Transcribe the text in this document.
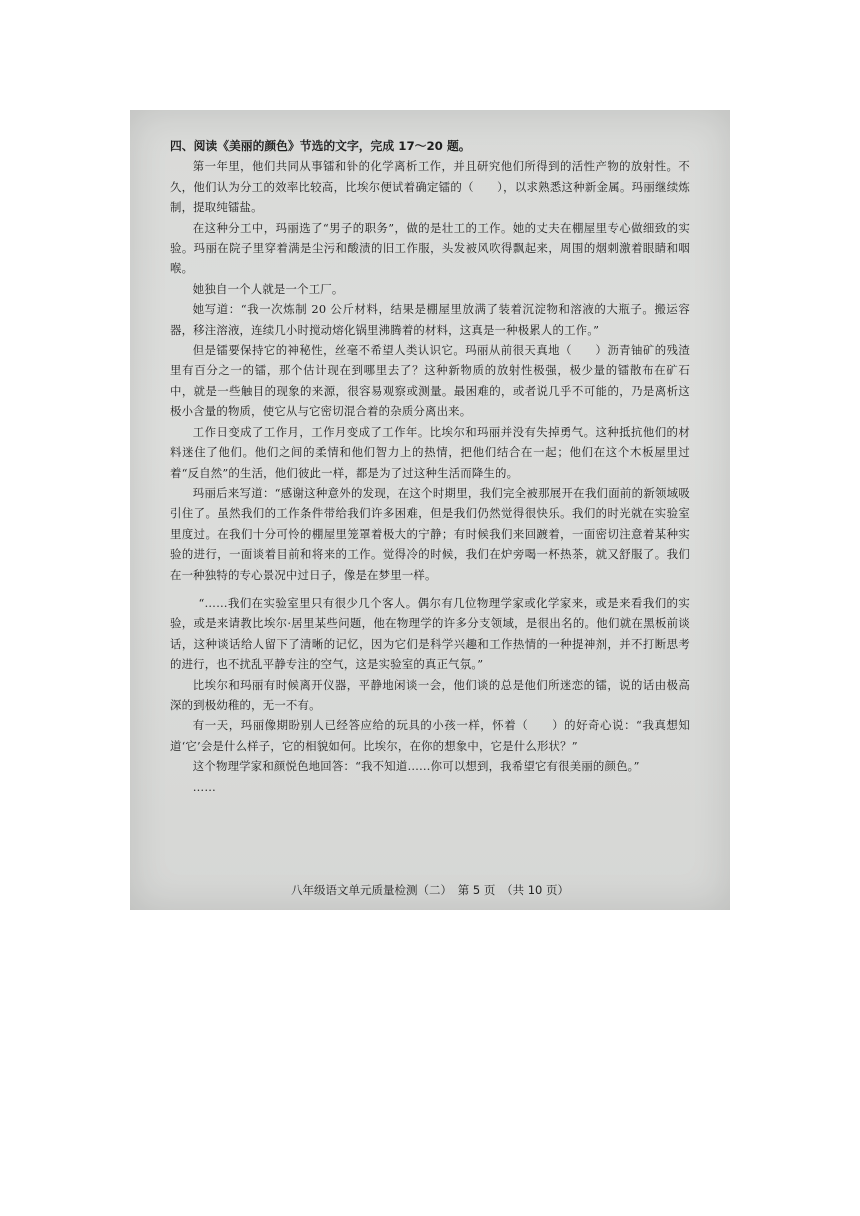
四、阅读《美丽的颜色》节选的文字，完成 17～20 题。

第一年里，他们共同从事镭和钋的化学离析工作，并且研究他们所得到的活性产物的放射性。不久，他们认为分工的效率比较高，比埃尔便试着确定镭的（　　），以求熟悉这种新金属。玛丽继续炼制，提取纯镭盐。

在这种分工中，玛丽选了“男子的职务”，做的是壮工的工作。她的丈夫在棚屋里专心做细致的实验。玛丽在院子里穿着满是尘污和酸渍的旧工作服，头发被风吹得飘起来，周围的烟刺激着眼睛和咽喉。

她独自一个人就是一个工厂。

她写道：“我一次炼制 20 公斤材料，结果是棚屋里放满了装着沉淀物和溶液的大瓶子。搬运容器，移注溶液，连续几小时搅动熔化锅里沸腾着的材料，这真是一种极累人的工作。”

但是镭要保持它的神秘性，丝毫不希望人类认识它。玛丽从前很天真地（　　）沥青铀矿的残渣里有百分之一的镭，那个估计现在到哪里去了？这种新物质的放射性极强，极少量的镭散布在矿石中，就是一些触目的现象的来源，很容易观察或测量。最困难的，或者说几乎不可能的，乃是离析这极小含量的物质，使它从与它密切混合着的杂质分离出来。

工作日变成了工作月，工作月变成了工作年。比埃尔和玛丽并没有失掉勇气。这种抵抗他们的材料迷住了他们。他们之间的柔情和他们智力上的热情，把他们结合在一起；他们在这个木板屋里过着“反自然”的生活，他们彼此一样，都是为了过这种生活而降生的。

玛丽后来写道：“感谢这种意外的发现，在这个时期里，我们完全被那展开在我们面前的新领域吸引住了。虽然我们的工作条件带给我们许多困难，但是我们仍然觉得很快乐。我们的时光就在实验室里度过。在我们十分可怜的棚屋里笼罩着极大的宁静；有时候我们来回踱着，一面密切注意着某种实验的进行，一面谈着目前和将来的工作。觉得冷的时候，我们在炉旁喝一杯热茶，就又舒服了。我们在一种独特的专心景况中过日子，像是在梦里一样。

“……我们在实验室里只有很少几个客人。偶尔有几位物理学家或化学家来，或是来看我们的实验，或是来请教比埃尔·居里某些问题，他在物理学的许多分支领域，是很出名的。他们就在黑板前谈话，这种谈话给人留下了清晰的记忆，因为它们是科学兴趣和工作热情的一种提神剂，并不打断思考的进行，也不扰乱平静专注的空气，这是实验室的真正气氛。”

比埃尔和玛丽有时候离开仪器，平静地闲谈一会，他们谈的总是他们所迷恋的镭，说的话由极高深的到极幼稚的，无一不有。

有一天，玛丽像期盼别人已经答应给的玩具的小孩一样，怀着（　　）的好奇心说：“我真想知道‘它’会是什么样子，它的相貌如何。比埃尔，在你的想象中，它是什么形状？”

这个物理学家和颜悦色地回答：“我不知道……你可以想到，我希望它有很美丽的颜色。”

……

八年级语文单元质量检测（二）　第 5 页　（共 10 页）
